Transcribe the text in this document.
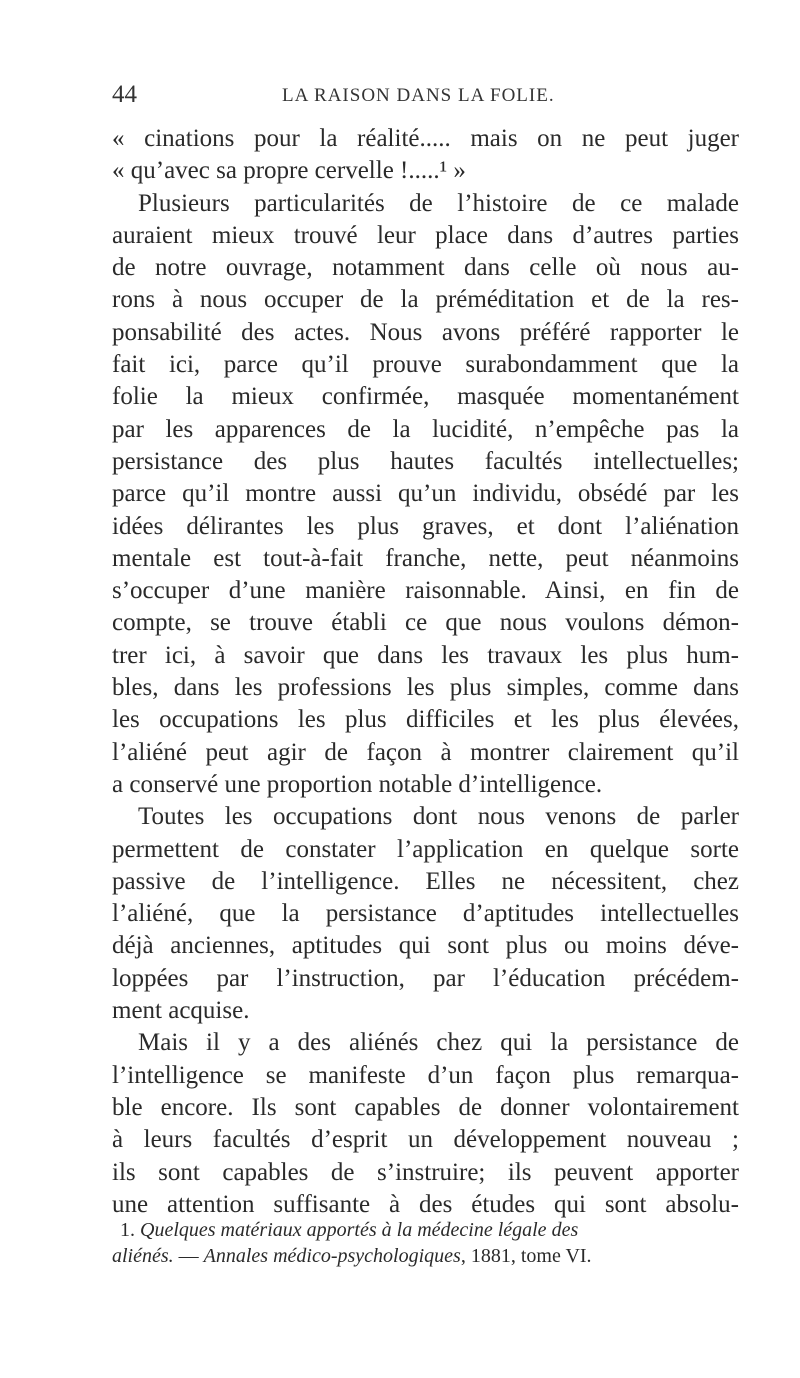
44	LA RAISON DANS LA FOLIE.
« cinations pour la réalité..... mais on ne peut juger
« qu’avec sa propre cervelle !.....¹ »
Plusieurs particularités de l’histoire de ce malade
auraient mieux trouvé leur place dans d’autres parties
de notre ouvrage, notamment dans celle où nous au-
rons à nous occuper de la préméditation et de la res-
ponsabilité des actes. Nous avons préféré rapporter le
fait ici, parce qu’il prouve surabondamment que la
folie la mieux confirmée, masquée momentanément
par les apparences de la lucidité, n’empêche pas la
persistance des plus hautes facultés intellectuelles;
parce qu’il montre aussi qu’un individu, obsédé par les
idées délirantes les plus graves, et dont l’aliénation
mentale est tout-à-fait franche, nette, peut néanmoins
s’occuper d’une manière raisonnable. Ainsi, en fin de
compte, se trouve établi ce que nous voulons démon-
trer ici, à savoir que dans les travaux les plus hum-
bles, dans les professions les plus simples, comme dans
les occupations les plus difficiles et les plus élevées,
l’aliéné peut agir de façon à montrer clairement qu’il
a conservé une proportion notable d’intelligence.
Toutes les occupations dont nous venons de parler
permettent de constater l’application en quelque sorte
passive de l’intelligence. Elles ne nécessitent, chez
l’aliéné, que la persistance d’aptitudes intellectuelles
déjà anciennes, aptitudes qui sont plus ou moins déve-
loppées par l’instruction, par l’éducation précédem-
ment acquise.
Mais il y a des aliénés chez qui la persistance de
l’intelligence se manifeste d’un façon plus remarqua-
ble encore. Ils sont capables de donner volontairement
à leurs facultés d’esprit un développement nouveau ;
ils sont capables de s’instruire; ils peuvent apporter
une attention suffisante à des études qui sont absolu-
1. Quelques matériaux apportés à la médecine légale des
aliénés. — Annales médico-psychologiques, 1881, tome VI.
